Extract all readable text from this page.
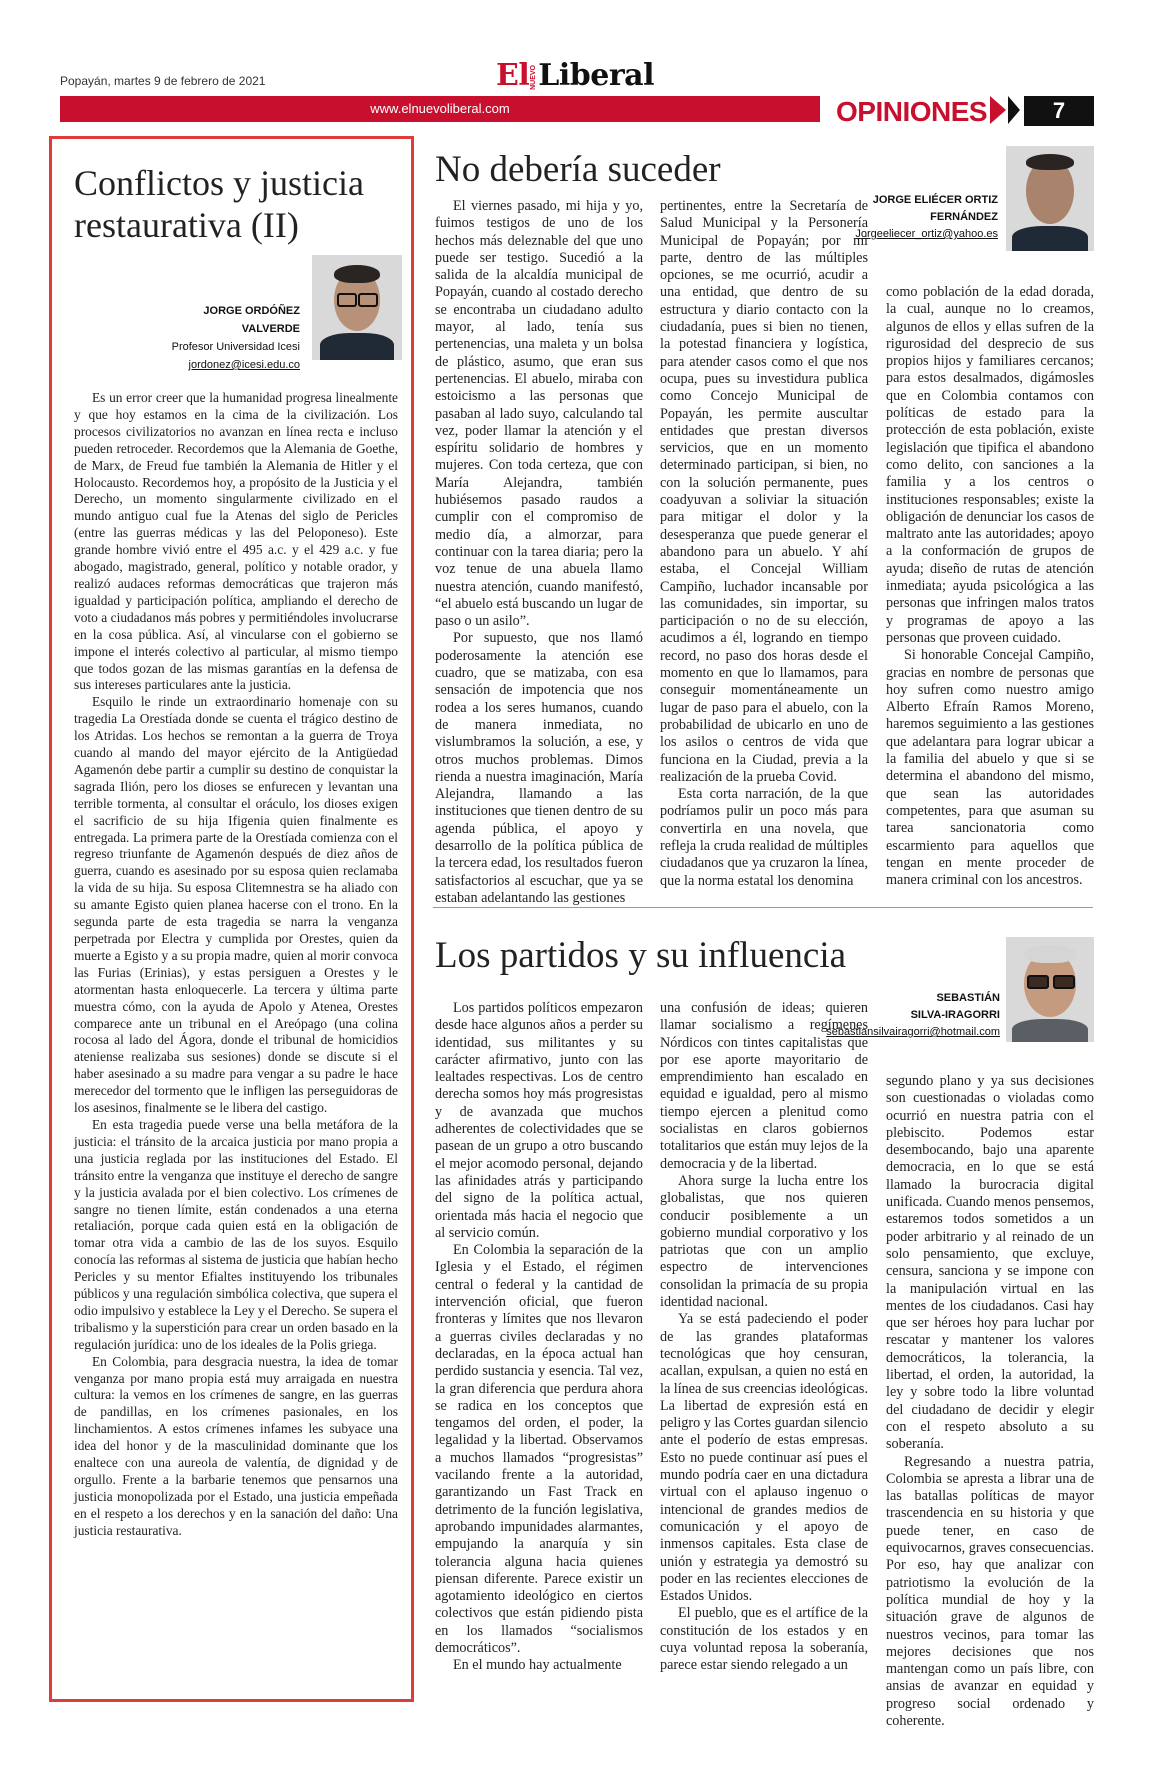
Popayán, martes 9 de febrero de 2021	ElNUEVOLiberal
www.elnuevoliberal.com	OPINIONES	7
Conflictos y justicia restaurativa (II)
JORGE ORDÓÑEZ VALVERDE
Profesor Universidad Icesi
jordonez@icesi.edu.co

Es un error creer que la humanidad progresa linealmente y que hoy estamos en la cima de la civilización. Los procesos civilizatorios no avanzan en línea recta e incluso pueden retroceder. Recordemos que la Alemania de Goethe, de Marx, de Freud fue también la Alemania de Hitler y el Holocausto. Recordemos hoy, a propósito de la Justicia y el Derecho, un momento singularmente civilizado en el mundo antiguo cual fue la Atenas del siglo de Pericles (entre las guerras médicas y las del Peloponeso). Este grande hombre vivió entre el 495 a.c. y el 429 a.c. y fue abogado, magistrado, general, político y notable orador, y realizó audaces reformas democráticas que trajeron más igualdad y participación política, ampliando el derecho de voto a ciudadanos más pobres y permitiéndoles involucrarse en la cosa pública. Así, al vincularse con el gobierno se impone el interés colectivo al particular, al mismo tiempo que todos gozan de las mismas garantías en la defensa de sus intereses particulares ante la justicia.

Esquilo le rinde un extraordinario homenaje con su tragedia La Orestíada donde se cuenta el trágico destino de los Atridas. Los hechos se remontan a la guerra de Troya cuando al mando del mayor ejército de la Antigüedad Agamenón debe partir a cumplir su destino de conquistar la sagrada Ilión, pero los dioses se enfurecen y levantan una terrible tormenta, al consultar el oráculo, los dioses exigen el sacrificio de su hija Ifigenia quien finalmente es entregada. La primera parte de la Orestíada comienza con el regreso triunfante de Agamenón después de diez años de guerra, cuando es asesinado por su esposa quien reclamaba la vida de su hija. Su esposa Clitemnestra se ha aliado con su amante Egisto quien planea hacerse con el trono. En la segunda parte de esta tragedia se narra la venganza perpetrada por Electra y cumplida por Orestes, quien da muerte a Egisto y a su propia madre, quien al morir convoca las Furias (Erinias), y estas persiguen a Orestes y le atormentan hasta enloquecerle. La tercera y última parte muestra cómo, con la ayuda de Apolo y Atenea, Orestes comparece ante un tribunal en el Areópago (una colina rocosa al lado del Ágora, donde el tribunal de homicidios ateniense realizaba sus sesiones) donde se discute si el haber asesinado a su madre para vengar a su padre le hace merecedor del tormento que le infligen las perseguidoras de los asesinos, finalmente se le libera del castigo.

En esta tragedia puede verse una bella metáfora de la justicia: el tránsito de la arcaica justicia por mano propia a una justicia reglada por las instituciones del Estado. El tránsito entre la venganza que instituye el derecho de sangre y la justicia avalada por el bien colectivo. Los crímenes de sangre no tienen límite, están condenados a una eterna retaliación, porque cada quien está en la obligación de tomar otra vida a cambio de las de los suyos. Esquilo conocía las reformas al sistema de justicia que habían hecho Pericles y su mentor Efialtes instituyendo los tribunales públicos y una regulación simbólica colectiva, que supera el odio impulsivo y establece la Ley y el Derecho. Se supera el tribalismo y la superstición para crear un orden basado en la regulación jurídica: uno de los ideales de la Polis griega.

En Colombia, para desgracia nuestra, la idea de tomar venganza por mano propia está muy arraigada en nuestra cultura: la vemos en los crímenes de sangre, en las guerras de pandillas, en los crímenes pasionales, en los linchamientos. A estos crímenes infames les subyace una idea del honor y de la masculinidad dominante que los enaltece con una aureola de valentía, de dignidad y de orgullo. Frente a la barbarie tenemos que pensarnos una justicia monopolizada por el Estado, una justicia empeñada en el respeto a los derechos y en la sanación del daño: Una justicia restaurativa.

No debería suceder
JORGE ELIÉCER ORTIZ FERNÁNDEZ
Jorgeeliecer_ortiz@yahoo.es

El viernes pasado, mi hija y yo, fuimos testigos de uno de los hechos más deleznable del que uno puede ser testigo. Sucedió a la salida de la alcaldía municipal de Popayán, cuando al costado derecho se encontraba un ciudadano adulto mayor, al lado, tenía sus pertenencias, una maleta y un bolsa de plástico, asumo, que eran sus pertenencias. El abuelo, miraba con estoicismo a las personas que pasaban al lado suyo, calculando tal vez, poder llamar la atención y el espíritu solidario de hombres y mujeres. Con toda certeza, que con María Alejandra, también hubiésemos pasado raudos a cumplir con el compromiso de medio día, a almorzar, para continuar con la tarea diaria; pero la voz tenue de una abuela llamo nuestra atención, cuando manifestó, “el abuelo está buscando un lugar de paso o un asilo”.

Por supuesto, que nos llamó poderosamente la atención ese cuadro, que se matizaba, con esa sensación de impotencia que nos rodea a los seres humanos, cuando de manera inmediata, no vislumbramos la solución, a ese, y otros muchos problemas. Dimos rienda a nuestra imaginación, María Alejandra, llamando a las instituciones que tienen dentro de su agenda pública, el apoyo y desarrollo de la política pública de la tercera edad, los resultados fueron satisfactorios al escuchar, que ya se estaban adelantando las gestiones

pertinentes, entre la Secretaría de Salud Municipal y la Personería Municipal de Popayán; por mi parte, dentro de las múltiples opciones, se me ocurrió, acudir a una entidad, que dentro de su estructura y diario contacto con la ciudadanía, pues si bien no tienen, la potestad financiera y logística, para atender casos como el que nos ocupa, pues su investidura publica como Concejo Municipal de Popayán, les permite auscultar entidades que prestan diversos servicios, que en un momento determinado participan, si bien, no con la solución permanente, pues coadyuvan a soliviar la situación para mitigar el dolor y la desesperanza que puede generar el abandono para un abuelo. Y ahí estaba, el Concejal William Campiño, luchador incansable por las comunidades, sin importar, su participación o no de su elección, acudimos a él, logrando en tiempo record, no paso dos horas desde el momento en que lo llamamos, para conseguir momentáneamente un lugar de paso para el abuelo, con la probabilidad de ubicarlo en uno de los asilos o centros de vida que funciona en la Ciudad, previa a la realización de la prueba Covid.

Esta corta narración, de la que podríamos pulir un poco más para convertirla en una novela, que refleja la cruda realidad de múltiples ciudadanos que ya cruzaron la línea, que la norma estatal los denomina

como población de la edad dorada, la cual, aunque no lo creamos, algunos de ellos y ellas sufren de la rigurosidad del desprecio de sus propios hijos y familiares cercanos; para estos desalmados, digámosles que en Colombia contamos con políticas de estado para la protección de esta población, existe legislación que tipifica el abandono como delito, con sanciones a la familia y a los centros o instituciones responsables; existe la obligación de denunciar los casos de maltrato ante las autoridades; apoyo a la conformación de grupos de ayuda; diseño de rutas de atención inmediata; ayuda psicológica a las personas que infringen malos tratos y programas de apoyo a las personas que proveen cuidado.

Si honorable Concejal Campiño, gracias en nombre de personas que hoy sufren como nuestro amigo Alberto Efraín Ramos Moreno, haremos seguimiento a las gestiones que adelantara para lograr ubicar a la familia del abuelo y que si se determina el abandono del mismo, que sean las autoridades competentes, para que asuman su tarea sancionatoria como escarmiento para aquellos que tengan en mente proceder de manera criminal con los ancestros.

Los partidos y su influencia
SEBASTIÁN
SILVA-IRAGORRI
sebastiansilvairagorri@hotmail.com

Los partidos políticos empezaron desde hace algunos años a perder su identidad, sus militantes y su carácter afirmativo, junto con las lealtades respectivas. Los de centro derecha somos hoy más progresistas y de avanzada que muchos adherentes de colectividades que se pasean de un grupo a otro buscando el mejor acomodo personal, dejando las afinidades atrás y participando del signo de la política actual, orientada más hacia el negocio que al servicio común.

En Colombia la separación de la Iglesia y el Estado, el régimen central o federal y la cantidad de intervención oficial, que fueron fronteras y límites que nos llevaron a guerras civiles declaradas y no declaradas, en la época actual han perdido sustancia y esencia. Tal vez, la gran diferencia que perdura ahora se radica en los conceptos que tengamos del orden, el poder, la legalidad y la libertad. Observamos a muchos llamados “progresistas” vacilando frente a la autoridad, garantizando un Fast Track en detrimento de la función legislativa, aprobando impunidades alarmantes, empujando la anarquía y sin tolerancia alguna hacia quienes piensan diferente. Parece existir un agotamiento ideológico en ciertos colectivos que están pidiendo pista en los llamados “socialismos democráticos”.

En el mundo hay actualmente

una confusión de ideas; quieren llamar socialismo a regímenes Nórdicos con tintes capitalistas que por ese aporte mayoritario de emprendimiento han escalado en equidad e igualdad, pero al mismo tiempo ejercen a plenitud como socialistas en claros gobiernos totalitarios que están muy lejos de la democracia y de la libertad.

Ahora surge la lucha entre los globalistas, que nos quieren conducir posiblemente a un gobierno mundial corporativo y los patriotas que con un amplio espectro de intervenciones consolidan la primacía de su propia identidad nacional.

Ya se está padeciendo el poder de las grandes plataformas tecnológicas que hoy censuran, acallan, expulsan, a quien no está en la línea de sus creencias ideológicas. La libertad de expresión está en peligro y las Cortes guardan silencio ante el poderío de estas empresas. Esto no puede continuar así pues el mundo podría caer en una dictadura virtual con el aplauso ingenuo o intencional de grandes medios de comunicación y el apoyo de inmensos capitales. Esta clase de unión y estrategia ya demostró su poder en las recientes elecciones de Estados Unidos.

El pueblo, que es el artífice de la constitución de los estados y en cuya voluntad reposa la soberanía, parece estar siendo relegado a un

segundo plano y ya sus decisiones son cuestionadas o violadas como ocurrió en nuestra patria con el plebiscito. Podemos estar desembocando, bajo una aparente democracia, en lo que se está llamado la burocracia digital unificada. Cuando menos pensemos, estaremos todos sometidos a un poder arbitrario y al reinado de un solo pensamiento, que excluye, censura, sanciona y se impone con la manipulación virtual en las mentes de los ciudadanos. Casi hay que ser héroes hoy para luchar por rescatar y mantener los valores democráticos, la tolerancia, la libertad, el orden, la autoridad, la ley y sobre todo la libre voluntad del ciudadano de decidir y elegir con el respeto absoluto a su soberanía.

Regresando a nuestra patria, Colombia se apresta a librar una de las batallas políticas de mayor trascendencia en su historia y que puede tener, en caso de equivocarnos, graves consecuencias. Por eso, hay que analizar con patriotismo la evolución de la política mundial de hoy y la situación grave de algunos de nuestros vecinos, para tomar las mejores decisiones que nos mantengan como un país libre, con ansias de avanzar en equidad y progreso social ordenado y coherente.
